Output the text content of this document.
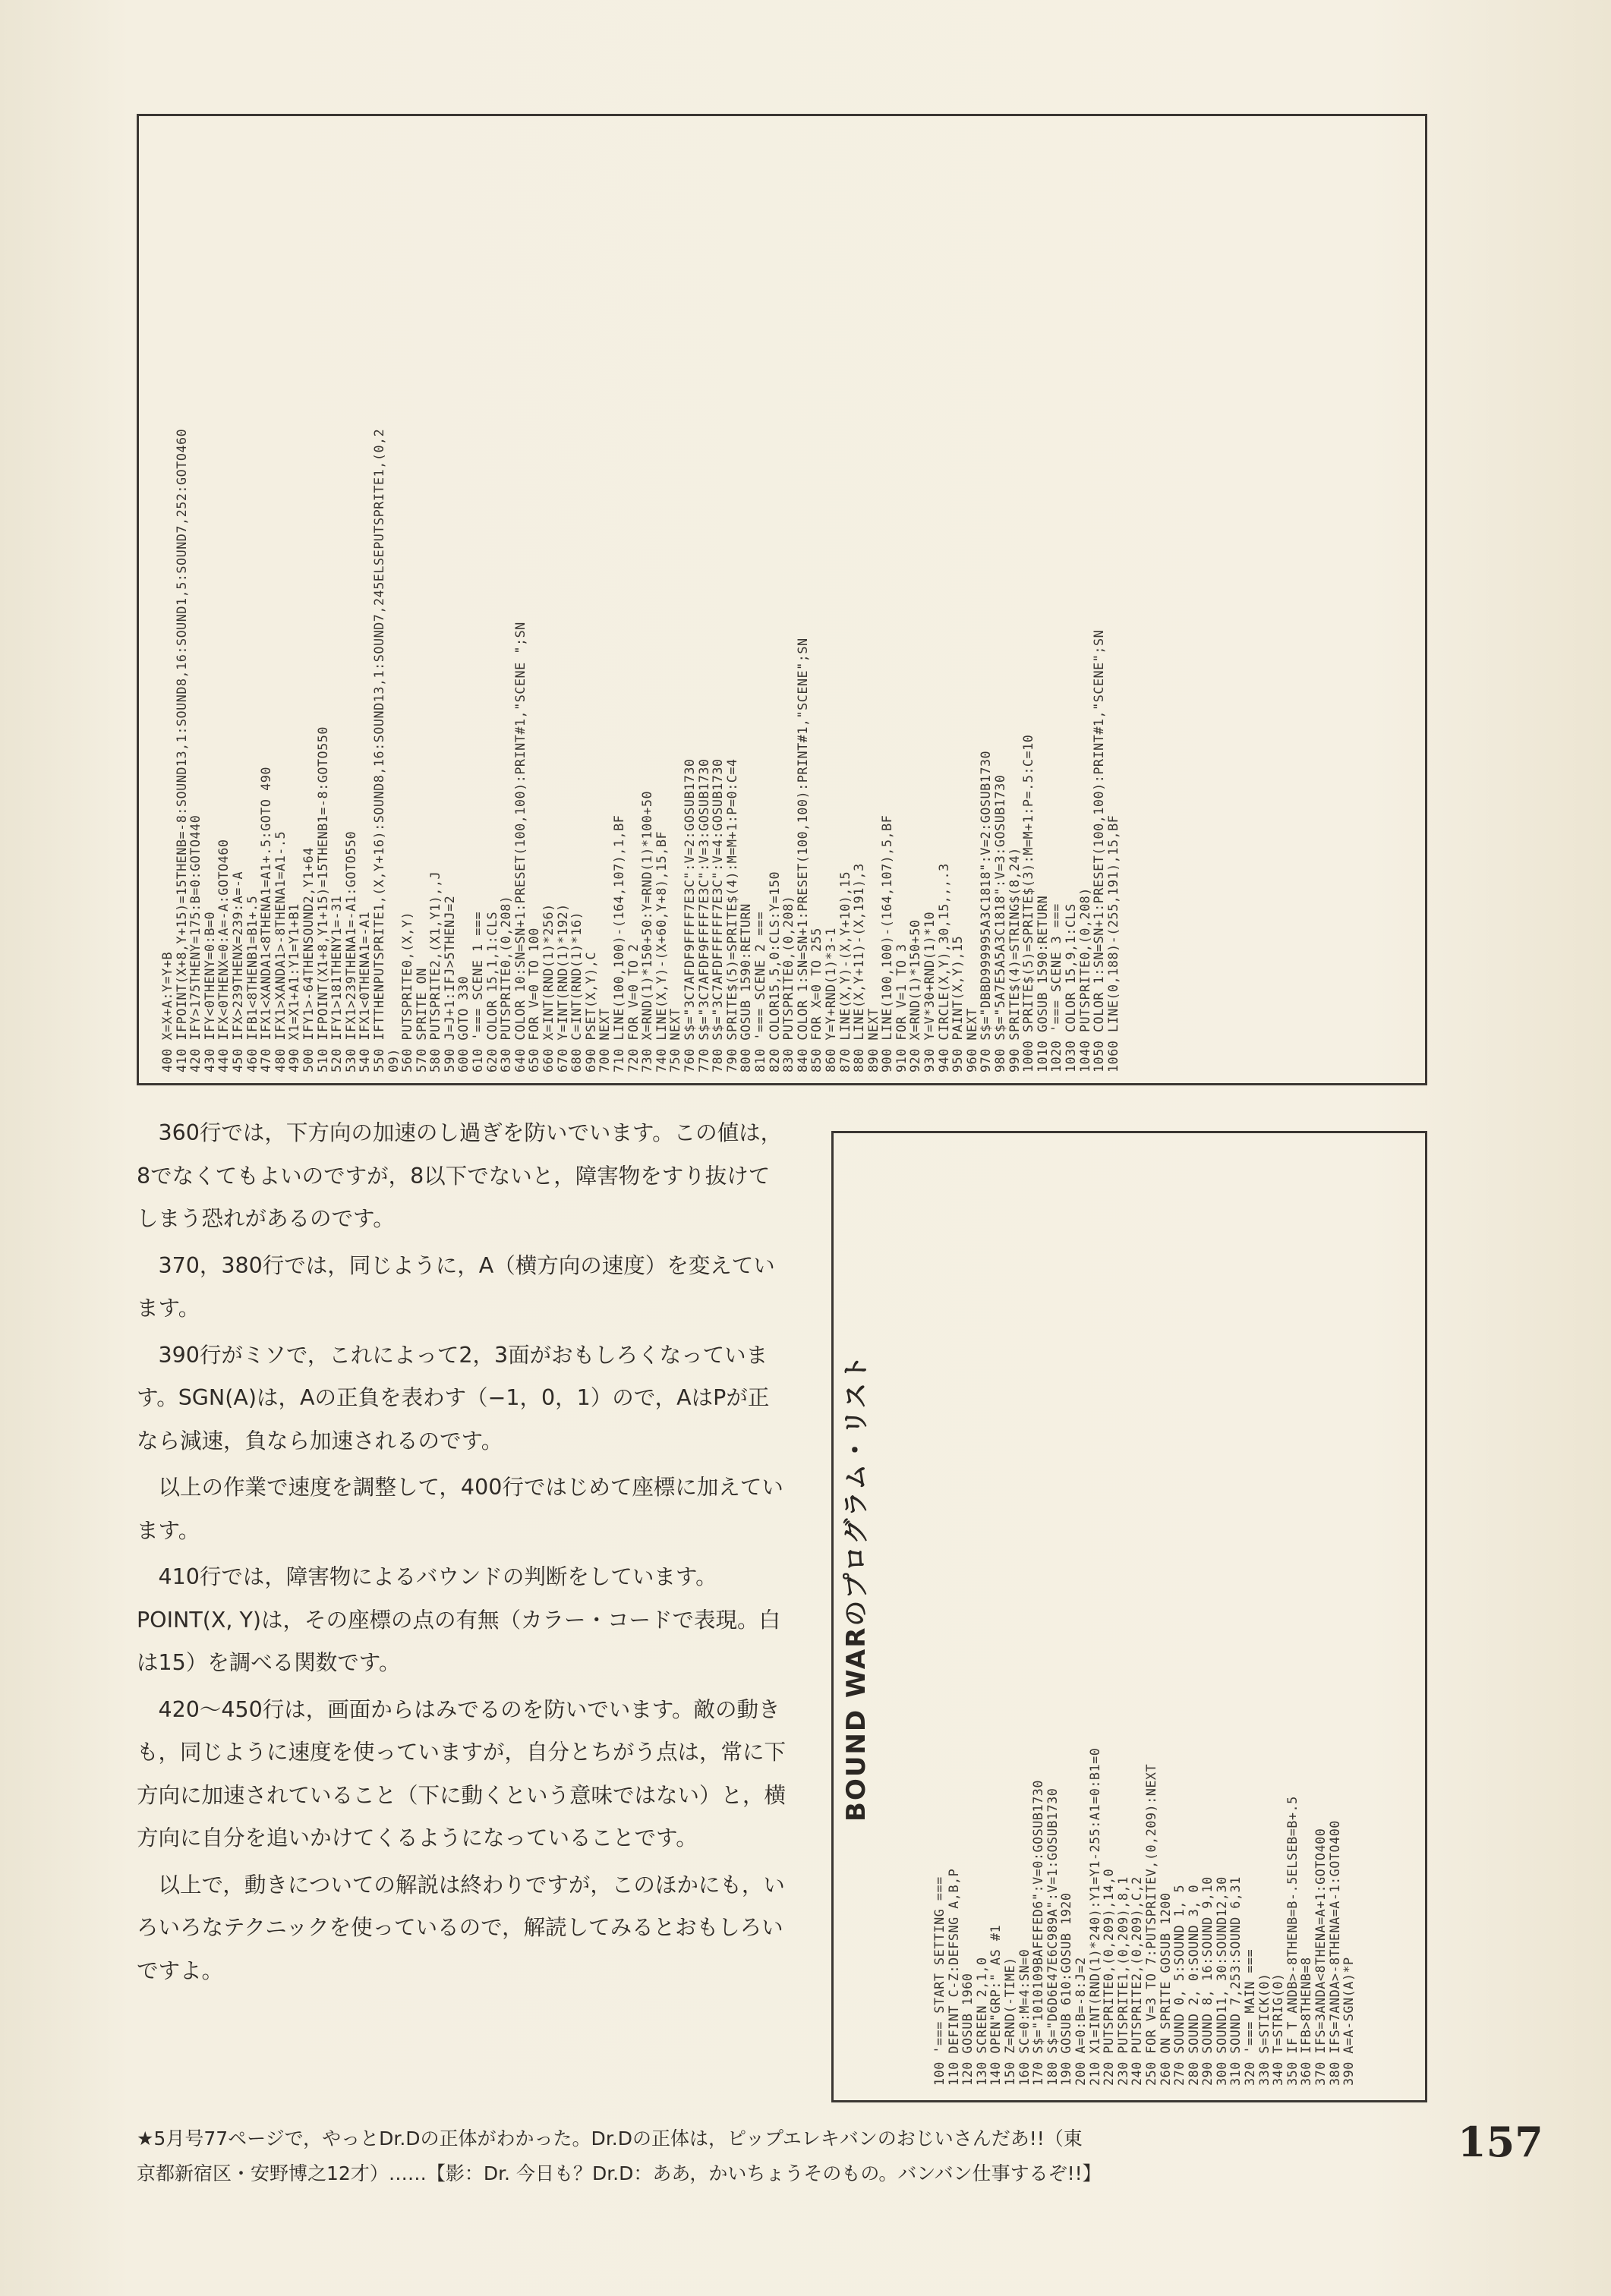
400 X=X+A:Y=Y+B
410 IFPOINT(X+8,Y+15)=15THENB=-8:SOUND13,1:SOUND8,16:SOUND1,5:SOUND7,252:GOTO460
420 IFY>175THENY=175:B=0:GOTO440
430 IFY<0THENY=0:B=0
440 IFX<0THENX=0:A=-A:GOTO460
450 IFX>239THENX=239:A=-A
460 IFB1<8THENB1=B1+.5
470 IFX1<XANDA1<8THENA1=A1+.5:GOTO 490
480 IFX1>XANDA1>-8THENA1=A1-.5
490 X1=X1+A1:Y1=Y1+B1
500 IFY1>-64THENSOUND2,Y1+64
510 IFPOINT(X1+8,Y1+15)=15THENB1=-8:GOTO550
520 IFY1>181THENY1=-31
530 IFX1>239THENA1=-A1:GOTO550
540 IFX1<0THENA1=-A1
550 IFTTHENPUTSPRITE1,(X,Y+16):SOUND8,16:SOUND13,1:SOUND7,245ELSEPUTSPRITE1,(0,2
09)
560 PUTSPRITE0,(X,Y)
570 SPRITE ON
580 PUTSPRITE2,(X1,Y1),,J
590 J=J+1:IFJ>5THENJ=2
600 GOTO 330
610 '=== SCENE 1 ===
620 COLOR 15,1,1:CLS
630 PUTSPRITE0,(0,208)
640 COLOR 10:SN=SN+1:PRESET(100,100):PRINT#1,"SCENE ";SN
650 FOR V=0 TO 100
660 X=INT(RND(1)*256)
670 Y=INT(RND(1)*192)
680 C=INT(RND(1)*16)
690 PSET(X,Y),C
700 NEXT
710 LINE(100,100)-(164,107),1,BF
720 FOR V=0 TO 2
730 X=RND(1)*150+50:Y=RND(1)*100+50
740 LINE(X,Y)-(X+60,Y+8),15,BF
750 NEXT
760 S$="3C7AFDF9FFFF7E3C":V=2:GOSUB1730
770 S$="3C7AFDF9FFFF7E3C":V=3:GOSUB1730
780 S$="3C7AFDFFFFFF7E3C":V=4:GOSUB1730
790 SPRITE$(5)=SPRITE$(4):M=M+1:P=0:C=4
800 GOSUB 1590:RETURN
810 '=== SCENE 2 ===
820 COLOR15,5,0:CLS:Y=150
830 PUTSPRITE0,(0,208)
840 COLOR 1:SN=SN+1:PRESET(100,100):PRINT#1,"SCENE";SN
850 FOR X=0 TO 255
860 Y=Y+RND(1)*3-1
870 LINE(X,Y)-(X,Y+10),15
880 LINE(X,Y+11)-(X,191),3
890 NEXT
900 LINE(100,100)-(164,107),5,BF
910 FOR V=1 TO 3
920 X=RND(1)*150+50
930 Y=V*30+RND(1)*10
940 CIRCLE(X,Y),30,15,,,.3
950 PAINT(X,Y),15
960 NEXT
970 S$="DBBD999995A3C1818":V=2:GOSUB1730
980 S$="5A7E5A5A3C1818":V=3:GOSUB1730
990 SPRITE$(4)=STRING$(8,24)
1000 SPRITE$(5)=SPRITE$(3):M=M+1:P=.5:C=10
1010 GOSUB 1590:RETURN
1020 '=== SCENE 3 ===
1030 COLOR 15,9,1:CLS
1040 PUTSPRITE0,(0,208)
1050 COLOR 1:SN=SN+1:PRESET(100,100):PRINT#1,"SCENE";SN
1060 LINE(0,188)-(255,191),15,BF
100 '=== START SETTING ===
110 DEFINT C-Z:DEFSNG A,B,P
120 GOSUB 1960
130 SCREEN 2,1,0
140 OPEN"GRP:" AS #1
150 Z=RND(-TIME)
160 SC=0:M=4:SN=0
170 S$="1010109BAFEFED6":V=0:GOSUB1730
180 S$="D6D6E47E6C989A":V=1:GOSUB1730
190 GOSUB 610:GOSUB 1920
200 A=0:B=-8:J=2
210 X1=INT(RND(1)*240):Y1=Y1-255:A1=0:B1=0
220 PUTSPRITE0,(0,209),14,0
230 PUTSPRITE1,(0,209),8,1
240 PUTSPRITE2,(0,209),C,2
250 FOR V=3 TO 7:PUTSPRITEV,(0,209):NEXT
260 ON SPRITE GOSUB 1200
270 SOUND 0, 5:SOUND 1, 5
280 SOUND 2, 0:SOUND 3, 0
290 SOUND 8, 16:SOUND 9,10
300 SOUND11, 30:SOUND12,30
310 SOUND 7,253:SOUND 6,31
320 '=== MAIN ===
330 S=STICK(0)
340 T=STRIG(0)
350 IF T ANDB>-8THENB=B-.5ELSEB=B+.5
360 IFB>8THENB=8
370 IFS=3ANDA<8THENA=A+1:GOTO400
380 IFS=7ANDA>-8THENA=A-1:GOTO400
390 A=A-SGN(A)*P
BOUND WARのプログラム・リスト

360行では，下方向の加速のし過ぎを防いでいます。この値は，8でなくてもよいのですが，8以下でないと，障害物をすり抜けてしまう恐れがあるのです。

370，380行では，同じように，A（横方向の速度）を変えています。

390行がミソで，これによって2，3面がおもしろくなっています。SGN(A)は，Aの正負を表わす（−1，0，1）ので，AはPが正なら減速，負なら加速されるのです。

以上の作業で速度を調整して，400行ではじめて座標に加えています。

410行では，障害物によるバウンドの判断をしています。POINT(X, Y)は，その座標の点の有無（カラー・コードで表現。白は15）を調べる関数です。

420〜450行は，画面からはみでるのを防いでいます。敵の動きも，同じように速度を使っていますが，自分とちがう点は，常に下方向に加速されていること（下に動くという意味ではない）と，横方向に自分を追いかけてくるようになっていることです。

以上で，動きについての解説は終わりですが，このほかにも，いろいろなテクニックを使っているので，解読してみるとおもしろいですよ。

★5月号77ページで，やっとDr.Dの正体がわかった。Dr.Dの正体は，ピップエレキバンのおじいさんだあ!!（東
京都新宿区・安野博之12才）……【影：Dr. 今日も？Dr.D：ああ，かいちょうそのもの。バンバン仕事するぞ!!】
157
